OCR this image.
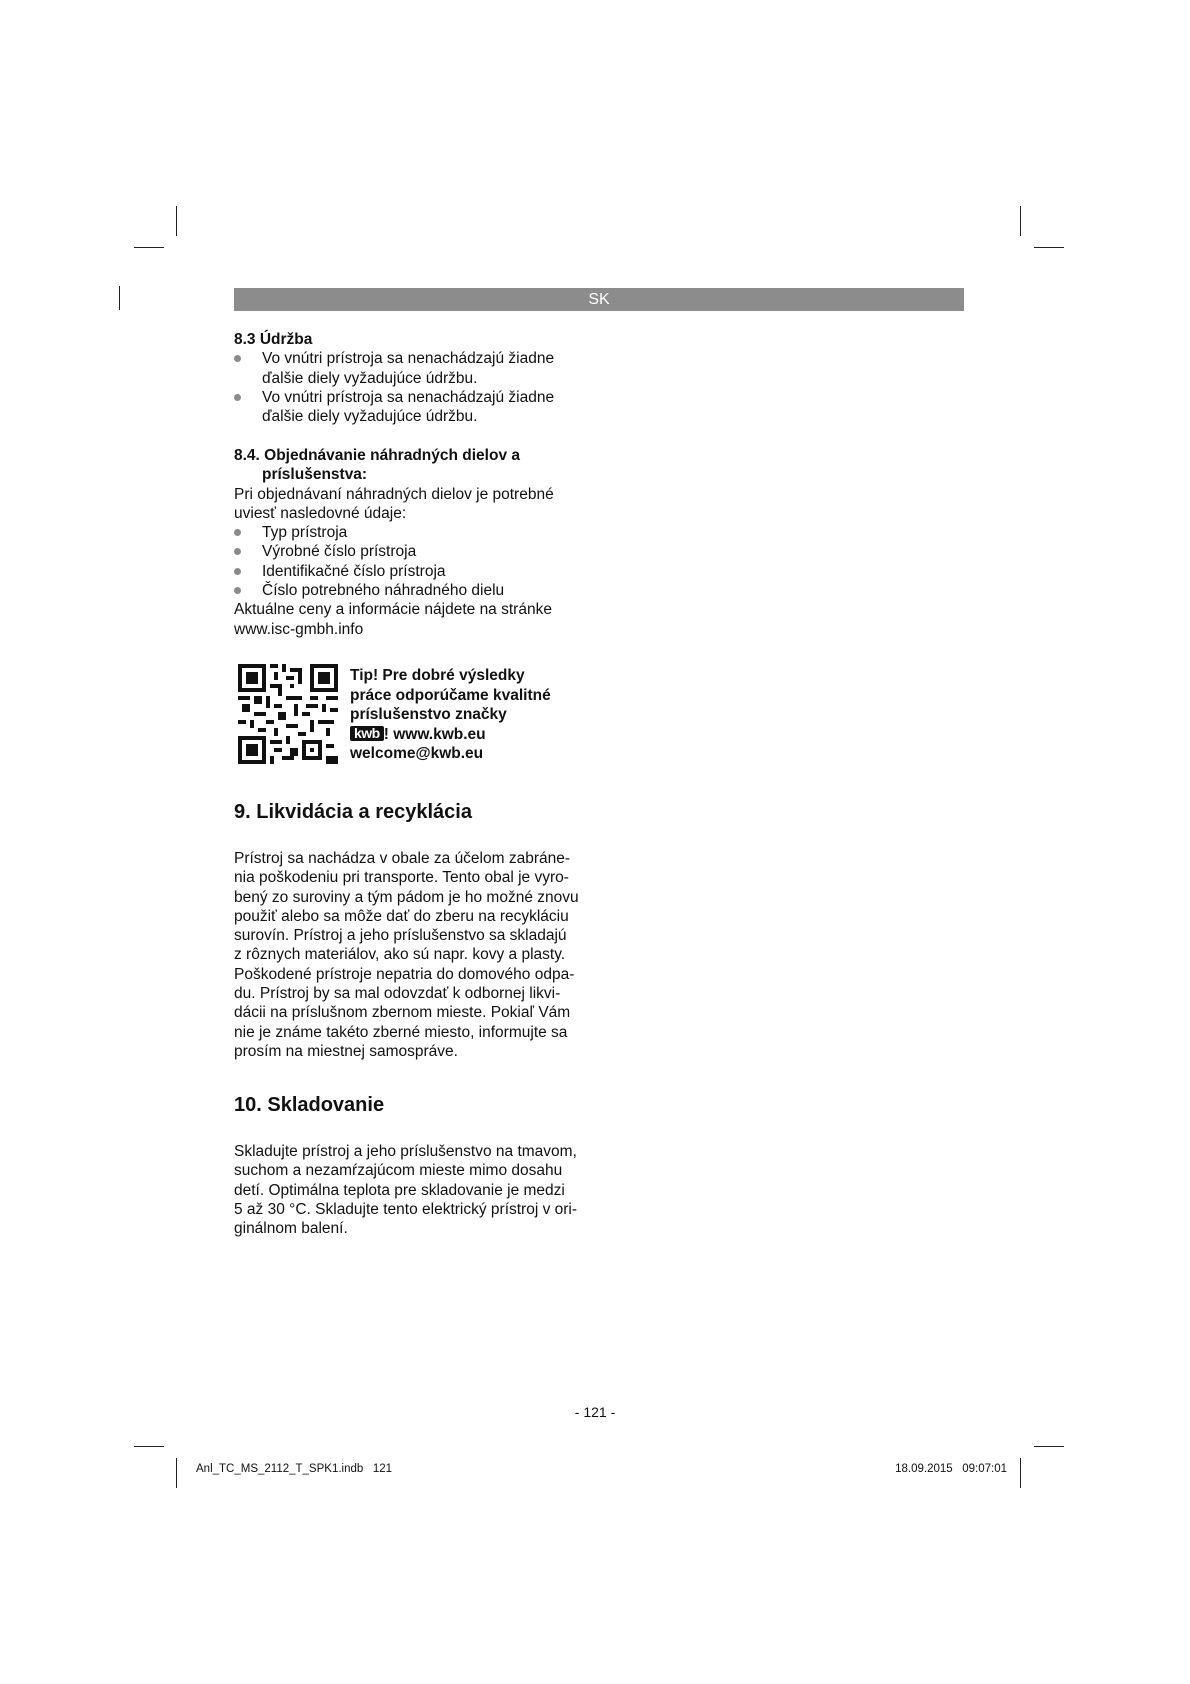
SK

8.3 Údržba

Vo vnútri prístroja sa nenachádzajú žiadne
ďalšie diely vyžadujúce údržbu.

Vo vnútri prístroja sa nenachádzajú žiadne
ďalšie diely vyžadujúce údržbu.

8.4. Objednávanie náhradných dielov a
príslušenstva:

Pri objednávaní náhradných dielov je potrebné
uviesť nasledovné údaje:

Typ prístroja

Výrobné číslo prístroja

Identifikačné číslo prístroja

Číslo potrebného náhradného dielu

Aktuálne ceny a informácie nájdete na stránke
www.isc-gmbh.info

Tip! Pre dobré výsledky
práce odporúčame kvalitné
príslušenstvo značky
kwb ! www.kwb.eu
welcome@kwb.eu
9. Likvidácia a recyklácia
Prístroj sa nachádza v obale za účelom zabráne-
nia poškodeniu pri transporte. Tento obal je vyro-
bený zo suroviny a tým pádom je ho možné znovu
použiť alebo sa môže dať do zberu na recykláciu
surovín. Prístroj a jeho príslušenstvo sa skladajú
z rôznych materiálov, ako sú napr. kovy a plasty.
Poškodené prístroje nepatria do domového odpa-
du. Prístroj by sa mal odovzdať k odbornej likvi-
dácii na príslušnom zbernom mieste. Pokiaľ Vám
nie je známe takéto zberné miesto, informujte sa
prosím na miestnej samospráve.
10. Skladovanie
Skladujte prístroj a jeho príslušenstvo na tmavom,
suchom a nezamŕzajúcom mieste mimo dosahu
detí. Optimálna teplota pre skladovanie je medzi
5 až 30 °C. Skladujte tento elektrický prístroj v ori-
ginálnom balení.
- 121 -
Anl_TC_MS_2112_T_SPK1.indb   121	18.09.2015   09:07:01
